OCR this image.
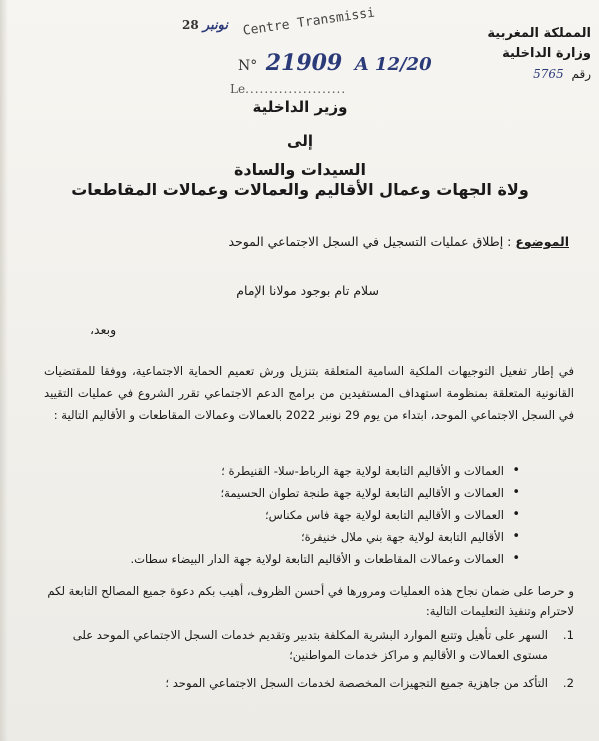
المملكة المغربية
وزارة الداخلية
رقم 5765
نونبر 28	Centre Transmissi
N° 21909 A 12/20
Le.....................
وزير الداخلية
إلى
السيدات والسادة
ولاة الجهات وعمال الأقاليم والعمالات وعمالات المقاطعات
الموضوع : إطلاق عمليات التسجيل في السجل الاجتماعي الموحد
سلام تام بوجود مولانا الإمام
وبعد،
في إطار تفعيل التوجيهات الملكية السامية المتعلقة بتنزيل ورش تعميم الحماية الاجتماعية، ووفقا للمقتضيات القانونية المتعلقة بمنظومة استهداف المستفيدين من برامج الدعم الاجتماعي تقرر الشروع في عمليات التقييد في السجل الاجتماعي الموحد، ابتداء من يوم 29 نونبر 2022 بالعمالات وعمالات المقاطعات و الأقاليم التالية :
• العمالات و الأقاليم التابعة لولاية جهة الرباط-سلا- القنيطرة ؛
• العمالات و الأقاليم التابعة لولاية جهة طنجة تطوان الحسيمة؛
• العمالات و الأقاليم التابعة لولاية جهة فاس مكناس؛
• الأقاليم التابعة لولاية جهة بني ملال خنيفرة؛
• العمالات وعمالات المقاطعات و الأقاليم التابعة لولاية جهة الدار البيضاء سطات.
و حرصا على ضمان نجاح هذه العمليات ومرورها في أحسن الظروف، أهيب بكم دعوة جميع المصالح التابعة لكم لاحترام وتنفيذ التعليمات التالية:
1.
السهر على تأهيل وتتبع الموارد البشرية المكلفة بتدبير وتقديم خدمات السجل الاجتماعي الموحد على مستوى العمالات و الأقاليم و مراكز خدمات المواطنين؛
2.
التأكد من جاهزية جميع التجهيزات المخصصة لخدمات السجل الاجتماعي الموحد ؛
